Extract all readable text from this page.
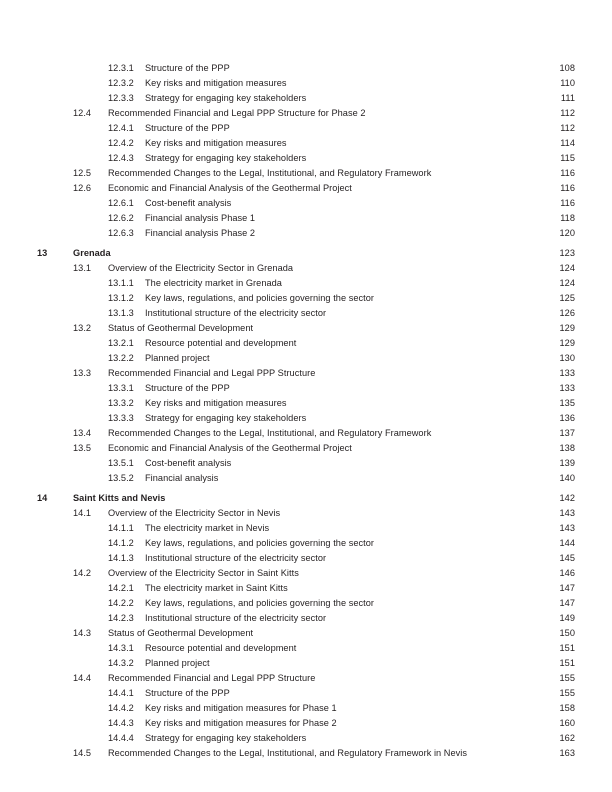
12.3.1 Structure of the PPP	108
12.3.2 Key risks and mitigation measures	110
12.3.3 Strategy for engaging key stakeholders	111
12.4 Recommended Financial and Legal PPP Structure for Phase 2	112
12.4.1 Structure of the PPP	112
12.4.2 Key risks and mitigation measures	114
12.4.3 Strategy for engaging key stakeholders	115
12.5 Recommended Changes to the Legal, Institutional, and Regulatory Framework	116
12.6 Economic and Financial Analysis of the Geothermal Project	116
12.6.1 Cost-benefit analysis	116
12.6.2 Financial analysis Phase 1	118
12.6.3 Financial analysis Phase 2	120
13	Grenada	123
13.1 Overview of the Electricity Sector in Grenada	124
13.1.1 The electricity market in Grenada	124
13.1.2 Key laws, regulations, and policies governing the sector	125
13.1.3 Institutional structure of the electricity sector	126
13.2 Status of Geothermal Development	129
13.2.1 Resource potential and development	129
13.2.2 Planned project	130
13.3 Recommended Financial and Legal PPP Structure	133
13.3.1 Structure of the PPP	133
13.3.2 Key risks and mitigation measures	135
13.3.3 Strategy for engaging key stakeholders	136
13.4 Recommended Changes to the Legal, Institutional, and Regulatory Framework	137
13.5 Economic and Financial Analysis of the Geothermal Project	138
13.5.1 Cost-benefit analysis	139
13.5.2 Financial analysis	140
14	Saint Kitts and Nevis	142
14.1 Overview of the Electricity Sector in Nevis	143
14.1.1 The electricity market in Nevis	143
14.1.2 Key laws, regulations, and policies governing the sector	144
14.1.3 Institutional structure of the electricity sector	145
14.2 Overview of the Electricity Sector in Saint Kitts	146
14.2.1 The electricity market in Saint Kitts	147
14.2.2 Key laws, regulations, and policies governing the sector	147
14.2.3 Institutional structure of the electricity sector	149
14.3 Status of Geothermal Development	150
14.3.1 Resource potential and development	151
14.3.2 Planned project	151
14.4 Recommended Financial and Legal PPP Structure	155
14.4.1 Structure of the PPP	155
14.4.2 Key risks and mitigation measures for Phase 1	158
14.4.3 Key risks and mitigation measures for Phase 2	160
14.4.4 Strategy for engaging key stakeholders	162
14.5 Recommended Changes to the Legal, Institutional, and Regulatory Framework in Nevis	163
